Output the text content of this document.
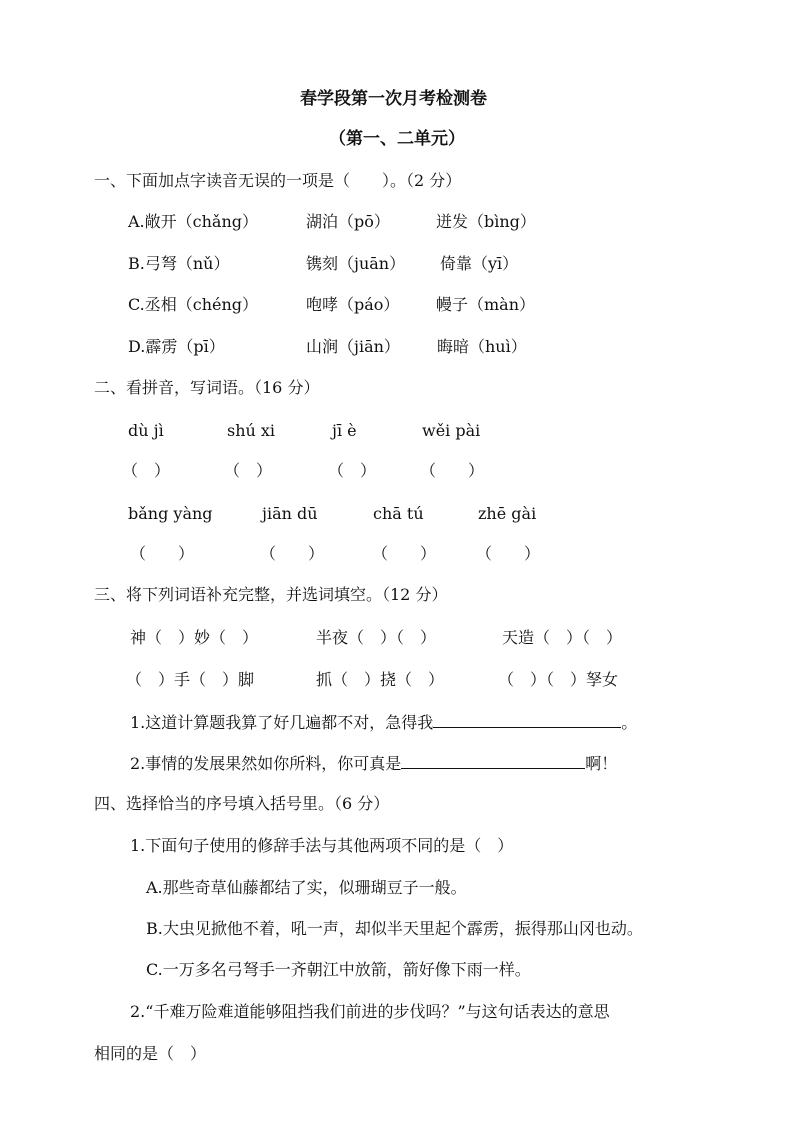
春学段第一次月考检测卷
（第一、二单元）
一、下面加点字读音无误的一项是（　　）。（2 分）
A.敞开（chǎng）	湖泊（pō）	迸发（bìng）
B.弓弩（nǔ）	镌刻（juān） 倚靠（yī）
C.丞相（chéng）	咆哮（páo） 幔子（màn）
D.霹雳（pī）	山涧（jiān） 晦暗（huì）
二、看拼音，写词语。（16 分）
dù jì	shú xi	jī è	wěi pài
（　）	（　）	（　）	（　　）
bǎng yàng	jiān dū	chā tú	zhē gài
（　　）	（　　）	（　　） （　　）
三、将下列词语补充完整，并选词填空。（12 分）
神（　）妙（　）	半夜（　）（　）	天造（　）（　）
（　）手（　）脚	抓（　）挠（　）	（　）（　）孥女
1.这道计算题我算了好几遍都不对，急得我	。
2.事情的发展果然如你所料，你可真是	啊！
四、选择恰当的序号填入括号里。（6 分）
1.下面句子使用的修辞手法与其他两项不同的是（　）
A.那些奇草仙藤都结了实，似珊瑚豆子一般。
B.大虫见掀他不着，吼一声，却似半天里起个霹雳，振得那山冈也动。
C.一万多名弓弩手一齐朝江中放箭，箭好像下雨一样。
2.“千难万险难道能够阻挡我们前进的步伐吗？”与这句话表达的意思
相同的是（　）
